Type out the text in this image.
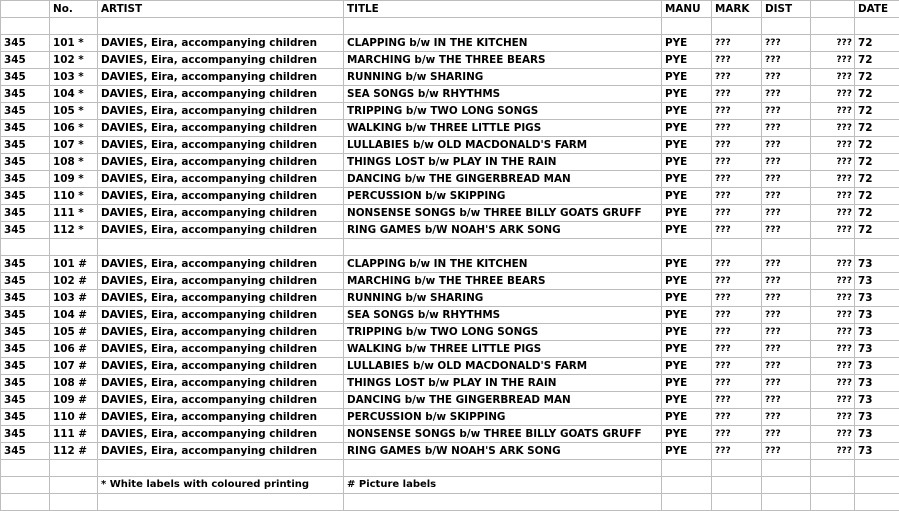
	No.	ARTIST	TITLE	MANU	MARK	DIST		DATE

345	101 *	DAVIES, Eira, accompanying children	CLAPPING b/w IN THE KITCHEN	PYE	???	???	???	72
345	102 *	DAVIES, Eira, accompanying children	MARCHING b/w THE THREE BEARS	PYE	???	???	???	72
345	103 *	DAVIES, Eira, accompanying children	RUNNING b/w SHARING	PYE	???	???	???	72
345	104 *	DAVIES, Eira, accompanying children	SEA SONGS b/w RHYTHMS	PYE	???	???	???	72
345	105 *	DAVIES, Eira, accompanying children	TRIPPING b/w TWO LONG SONGS	PYE	???	???	???	72
345	106 *	DAVIES, Eira, accompanying children	WALKING b/w THREE LITTLE PIGS	PYE	???	???	???	72
345	107 *	DAVIES, Eira, accompanying children	LULLABIES b/w OLD MACDONALD'S FARM	PYE	???	???	???	72
345	108 *	DAVIES, Eira, accompanying children	THINGS LOST b/w PLAY IN THE RAIN	PYE	???	???	???	72
345	109 *	DAVIES, Eira, accompanying children	DANCING b/w THE GINGERBREAD MAN	PYE	???	???	???	72
345	110 *	DAVIES, Eira, accompanying children	PERCUSSION b/w SKIPPING	PYE	???	???	???	72
345	111 *	DAVIES, Eira, accompanying children	NONSENSE SONGS b/w THREE BILLY GOATS GRUFF	PYE	???	???	???	72
345	112 *	DAVIES, Eira, accompanying children	RING GAMES b/W NOAH'S ARK SONG	PYE	???	???	???	72

345	101 #	DAVIES, Eira, accompanying children	CLAPPING b/w IN THE KITCHEN	PYE	???	???	???	73
345	102 #	DAVIES, Eira, accompanying children	MARCHING b/w THE THREE BEARS	PYE	???	???	???	73
345	103 #	DAVIES, Eira, accompanying children	RUNNING b/w SHARING	PYE	???	???	???	73
345	104 #	DAVIES, Eira, accompanying children	SEA SONGS b/w RHYTHMS	PYE	???	???	???	73
345	105 #	DAVIES, Eira, accompanying children	TRIPPING b/w TWO LONG SONGS	PYE	???	???	???	73
345	106 #	DAVIES, Eira, accompanying children	WALKING b/w THREE LITTLE PIGS	PYE	???	???	???	73
345	107 #	DAVIES, Eira, accompanying children	LULLABIES b/w OLD MACDONALD'S FARM	PYE	???	???	???	73
345	108 #	DAVIES, Eira, accompanying children	THINGS LOST b/w PLAY IN THE RAIN	PYE	???	???	???	73
345	109 #	DAVIES, Eira, accompanying children	DANCING b/w THE GINGERBREAD MAN	PYE	???	???	???	73
345	110 #	DAVIES, Eira, accompanying children	PERCUSSION b/w SKIPPING	PYE	???	???	???	73
345	111 #	DAVIES, Eira, accompanying children	NONSENSE SONGS b/w THREE BILLY GOATS GRUFF	PYE	???	???	???	73
345	112 #	DAVIES, Eira, accompanying children	RING GAMES b/W NOAH'S ARK SONG	PYE	???	???	???	73

		* White labels with coloured printing	# Picture labels					
